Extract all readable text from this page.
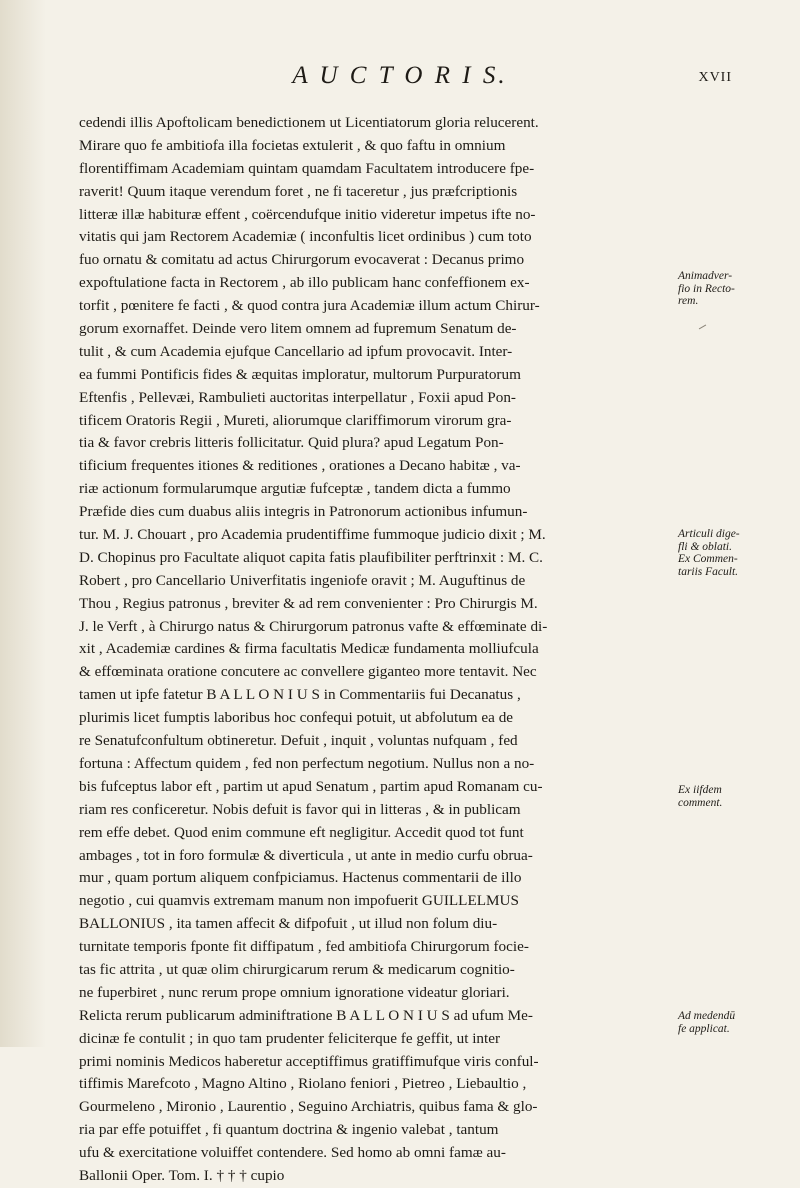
A U C T O R I S.	XVII
cedendi illis Apoftolicam benedictionem ut Licentiatorum gloria relucerent.
Mirare quo fe ambitiofa illa focietas extulerit , & quo faftu in omnium
florentiffimam Academiam quintam quamdam Facultatem introducere fpe-
raverit! Quum itaque verendum foret , ne fi taceretur , jus præfcriptionis
litteræ illæ habituræ effent , coërcendufque initio videretur impetus ifte no-
vitatis qui jam Rectorem Academiæ ( inconfultis licet ordinibus ) cum toto
fuo ornatu & comitatu ad actus Chirurgorum evocaverat : Decanus primo
expoftulatione facta in Rectorem , ab illo publicam hanc confeffionem ex-
torfit , pœnitere fe facti , & quod contra jura Academiæ illum actum Chirur-
gorum exornaffet. Deinde vero litem omnem ad fupremum Senatum de-
tulit , & cum Academia ejufque Cancellario ad ipfum provocavit. Inter-
ea fummi Pontificis fides & æquitas imploratur, multorum Purpuratorum
Eftenfis , Pellevæi, Rambulieti auctoritas interpellatur , Foxii apud Pon-
tificem Oratoris Regii , Mureti, aliorumque clariffimorum virorum gra-
tia & favor crebris litteris follicitatur. Quid plura? apud Legatum Pon-
tificium frequentes itiones & reditiones , orationes a Decano habitæ , va-
riæ actionum formularumque argutiæ fufceptæ , tandem dicta a fummo
Præfide dies cum duabus aliis integris in Patronorum actionibus infumun-
tur. M. J. Chouart , pro Academia prudentiffime fummoque judicio dixit ; M.
D. Chopinus pro Facultate aliquot capita fatis plaufibiliter perftrinxit : M. C.
Robert , pro Cancellario Univerfitatis ingeniofe oravit ; M. Auguftinus de
Thou , Regius patronus , breviter & ad rem convenienter : Pro Chirurgis M.
J. le Verft , à Chirurgo natus & Chirurgorum patronus vafte & effœminate di-
xit , Academiæ cardines & firma facultatis Medicæ fundamenta molliufcula
& effœminata oratione concutere ac convellere giganteo more tentavit. Nec
tamen ut ipfe fatetur B A L L O N I U S in Commentariis fui Decanatus ,
plurimis licet fumptis laboribus hoc confequi potuit, ut abfolutum ea de
re Senatufconfultum obtineretur. Defuit , inquit , voluntas nufquam , fed
fortuna : Affectum quidem , fed non perfectum negotium. Nullus non a no-
bis fufceptus labor eft , partim ut apud Senatum , partim apud Romanam cu-
riam res conficeretur. Nobis defuit is favor qui in litteras , & in publicam
rem effe debet. Quod enim commune eft negligitur. Accedit quod tot funt
ambages , tot in foro formulæ & diverticula , ut ante in medio curfu obrua-
mur , quam portum aliquem confpiciamus. Hactenus commentarii de illo
negotio , cui quamvis extremam manum non impofuerit GUILLELMUS
BALLONIUS , ita tamen affecit & difpofuit , ut illud non folum diu-
turnitate temporis fponte fit diffipatum , fed ambitiofa Chirurgorum focie-
tas fic attrita , ut quæ olim chirurgicarum rerum & medicarum cognitio-
ne fuperbiret , nunc rerum prope omnium ignoratione videatur gloriari.
Relicta rerum publicarum adminiftratione B A L L O N I U S ad ufum Me-
dicinæ fe contulit ; in quo tam prudenter feliciterque fe geffit, ut inter
primi nominis Medicos haberetur acceptiffimus gratiffimufque viris conful-
tiffimis Marefcoto , Magno Altino , Riolano feniori , Pietreo , Liebaultio ,
Gourmeleno , Mironio , Laurentio , Seguino Archiatris, quibus fama & glo-
ria par effe potuiffet , fi quantum doctrina & ingenio valebat , tantum
ufu & exercitatione voluiffet contendere. Sed homo ab omni famæ au-
Ballonii Oper. Tom. I. † † † cupio
Animadver-
fio in Recto-
rem.
Articuli dige-
fli & oblati.
Ex Commen-
tariis Facult.
Ex iifdem
comment.
Ad medendū
fe applicat.
